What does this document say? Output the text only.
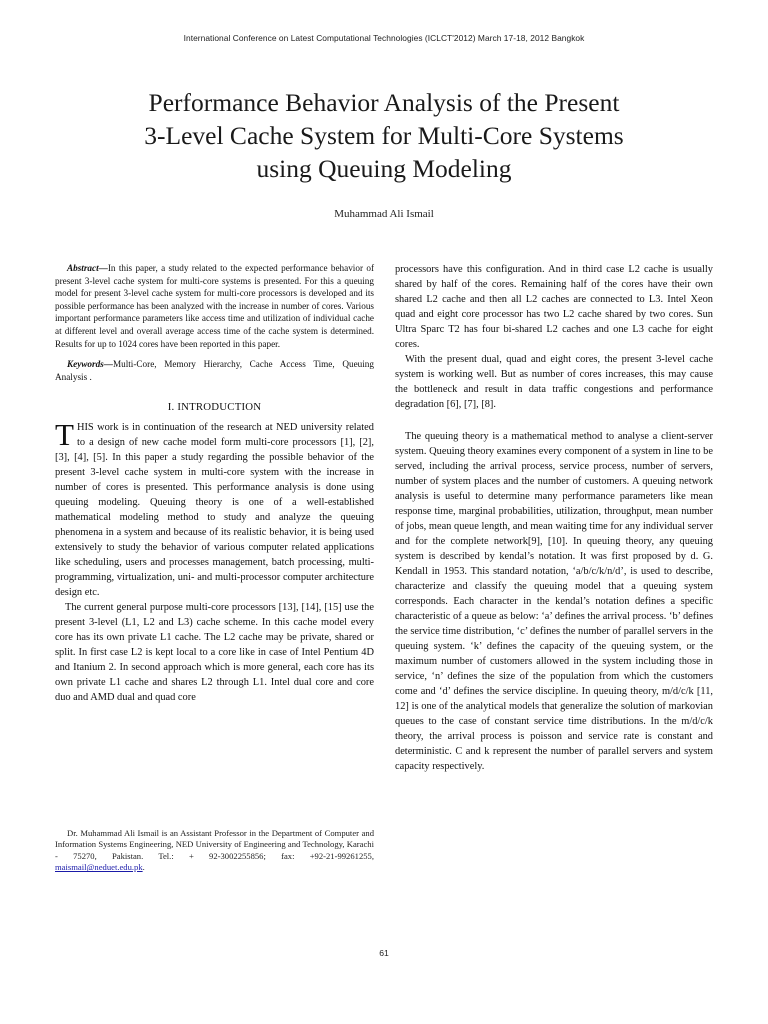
International Conference on Latest Computational Technologies (ICLCT'2012) March 17-18, 2012 Bangkok
Performance Behavior Analysis of the Present
3-Level Cache System for Multi-Core Systems
using Queuing Modeling
Muhammad Ali Ismail

Abstract—In this paper, a study related to the expected performance behavior of present 3-level cache system for multi-core systems is presented. For this a queuing model for present 3-level cache system for multi-core processors is developed and its possible performance has been analyzed with the increase in number of cores. Various important performance parameters like access time and utilization of individual cache at different level and overall average access time of the cache system is determined. Results for up to 1024 cores have been reported in this paper.

Keywords—Multi-Core, Memory Hierarchy, Cache Access Time, Queuing Analysis .

I. INTRODUCTION

THIS work is in continuation of the research at NED university related to a design of new cache model form multi-core processors [1], [2], [3], [4], [5]. In this paper a study regarding the possible behavior of the present 3-level cache system in multi-core system with the increase in number of cores is presented. This performance analysis is done using queuing modeling. Queuing theory is one of a well-established mathematical modeling method to study and analyze the queuing phenomena in a system and because of its realistic behavior, it is being used extensively to study the behavior of various computer related applications like scheduling, users and processes management, batch processing, multi-programming, virtualization, uni- and multi-processor computer architecture design etc.

The current general purpose multi-core processors [13], [14], [15] use the present 3-level (L1, L2 and L3) cache scheme. In this cache model every core has its own private L1 cache. The L2 cache may be private, shared or split. In first case L2 is kept local to a core like in case of Intel Pentium 4D and Itanium 2. In second approach which is more general, each core has its own private L1 cache and shares L2 through L1. Intel dual core and core duo and AMD dual and quad core

processors have this configuration. And in third case L2 cache is usually shared by half of the cores. Remaining half of the cores have their own shared L2 cache and then all L2 caches are connected to L3. Intel Xeon quad and eight core processor has two L2 cache shared by two cores. Sun Ultra Sparc T2 has four bi-shared L2 caches and one L3 cache for eight cores.

With the present dual, quad and eight cores, the present 3-level cache system is working well. But as number of cores increases, this may cause the bottleneck and result in data traffic congestions and performance degradation [6], [7], [8].

The queuing theory is a mathematical method to analyse a client-server system. Queuing theory examines every component of a system in line to be served, including the arrival process, service process, number of servers, number of system places and the number of customers. A queuing network analysis is useful to determine many performance parameters like mean response time, marginal probabilities, utilization, throughput, mean number of jobs, mean queue length, and mean waiting time for any individual server and for the complete network[9], [10]. In queuing theory, any queuing system is described by kendal’s notation. It was first proposed by d. G. Kendall in 1953. This standard notation, ‘a/b/c/k/n/d’, is used to describe, characterize and classify the queuing model that a queuing system corresponds. Each character in the kendal’s notation defines a specific characteristic of a queue as below: ‘a’ defines the arrival process. ‘b’ defines the service time distribution, ‘c’ defines the number of parallel servers in the queuing system. ‘k’ defines the capacity of the queuing system, or the maximum number of customers allowed in the system including those in service, ‘n’ defines the size of the population from which the customers come and ‘d’ defines the service discipline. In queuing theory, m/d/c/k [11, 12] is one of the analytical models that generalize the solution of markovian queues to the case of constant service time distributions. In the m/d/c/k theory, the arrival process is poisson and service rate is constant and deterministic. C and k represent the number of parallel servers and system capacity respectively.

Dr. Muhammad Ali Ismail is an Assistant Professor in the Department of Computer and Information Systems Engineering, NED University of Engineering and Technology, Karachi - 75270, Pakistan. Tel.: + 92-3002255856; fax: +92-21-99261255, maismail@neduet.edu.pk.

61
